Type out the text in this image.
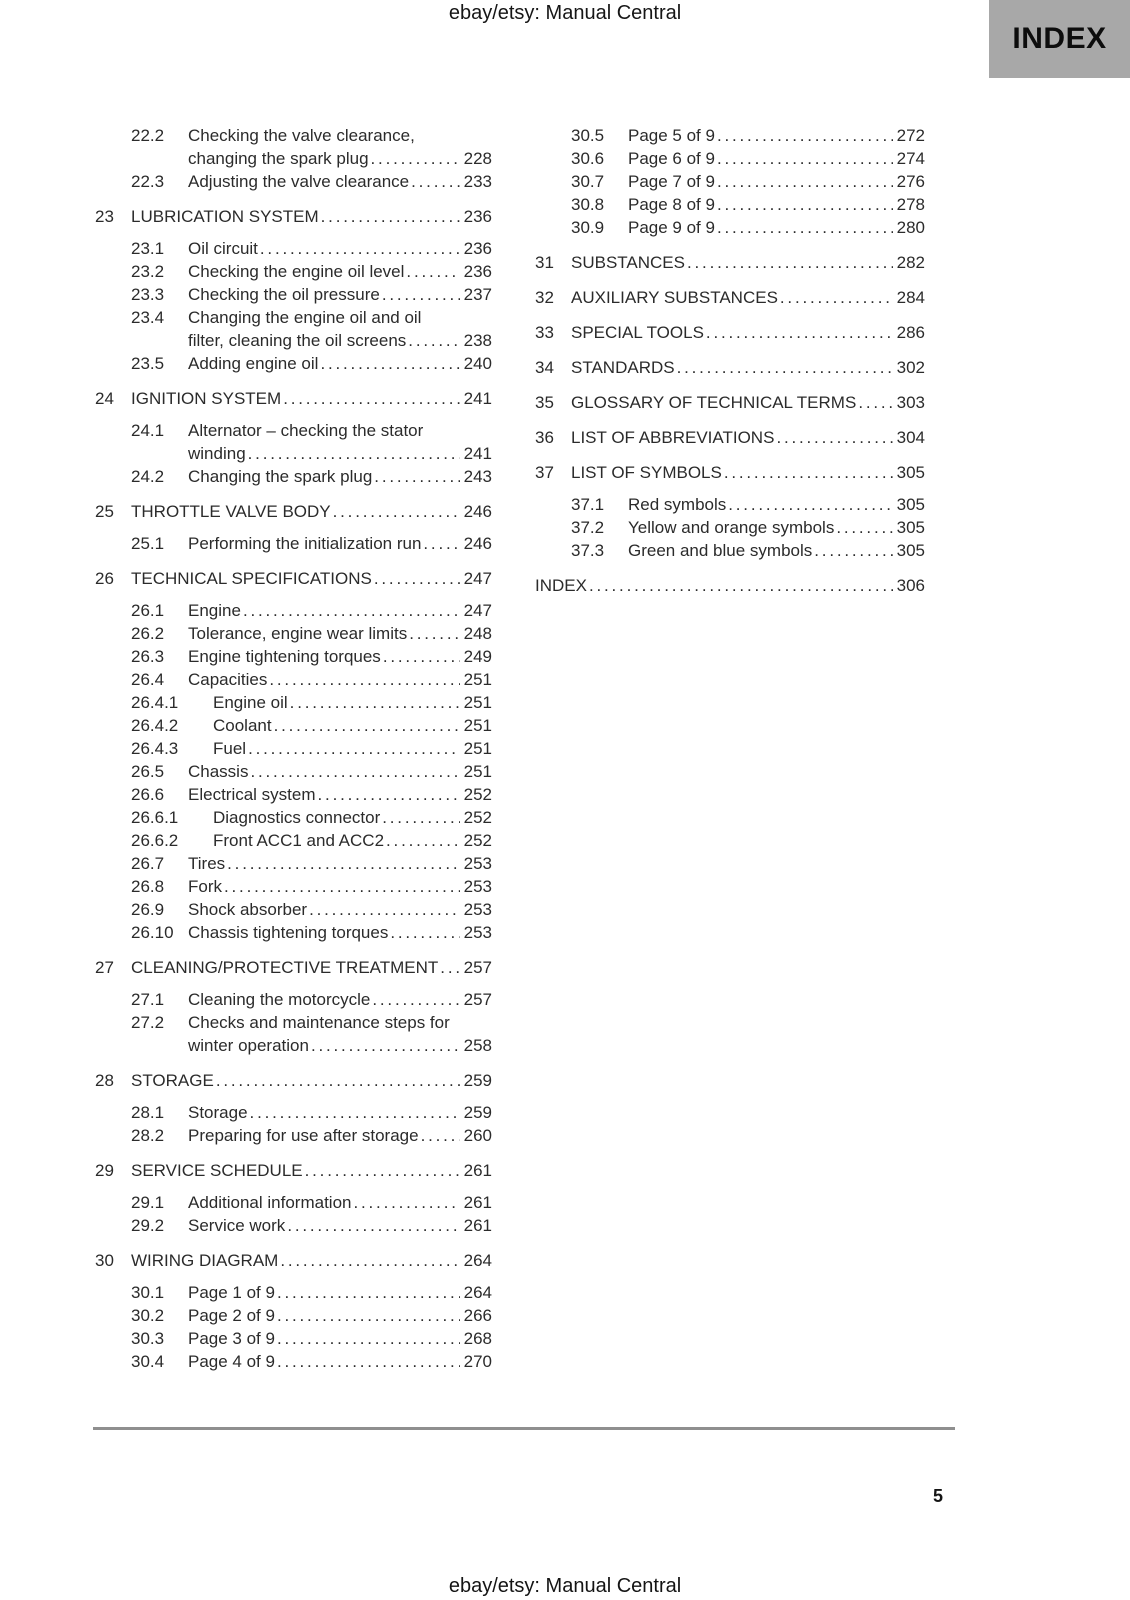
ebay/etsy: Manual Central
INDEX
22.2	Checking the valve clearance,
changing the spark plug .....	228
22.3	Adjusting the valve clearance .....	233
23	LUBRICATION SYSTEM .....	236
23.1	Oil circuit .....	236
23.2	Checking the engine oil level .....	236
23.3	Checking the oil pressure .....	237
23.4	Changing the engine oil and oil
filter, cleaning the oil screens .....	238
23.5	Adding engine oil .....	240
24	IGNITION SYSTEM .....	241
24.1	Alternator – checking the stator
winding .....	241
24.2	Changing the spark plug .....	243
25	THROTTLE VALVE BODY .....	246
25.1	Performing the initialization run ..... 246
26	TECHNICAL SPECIFICATIONS .....	247
26.1	Engine .....	247
26.2	Tolerance, engine wear limits .....	248
26.3	Engine tightening torques .....	249
26.4	Capacities .....	251
26.4.1	Engine oil .....	251
26.4.2	Coolant .....	251
26.4.3	Fuel .....	251
26.5	Chassis .....	251
26.6	Electrical system .....	252
26.6.1	Diagnostics connector .....	252
26.6.2	Front ACC1 and ACC2 .....	252
26.7	Tires .....	253
26.8	Fork .....	253
26.9	Shock absorber .....	253
26.10 Chassis tightening torques .....	253
27	CLEANING/PROTECTIVE TREATMENT ..... 257
27.1	Cleaning the motorcycle .....	257
27.2	Checks and maintenance steps for
winter operation .....	258
28	STORAGE .....	259
28.1	Storage .....	259
28.2	Preparing for use after storage .....	260
29	SERVICE SCHEDULE .....	261
29.1	Additional information .....	261
29.2	Service work .....	261
30	WIRING DIAGRAM .....	264
30.1	Page 1 of 9 .....	264
30.2	Page 2 of 9 .....	266
30.3	Page 3 of 9 .....	268
30.4	Page 4 of 9 .....	270
30.5	Page 5 of 9 .....	272
30.6	Page 6 of 9 .....	274
30.7	Page 7 of 9 .....	276
30.8	Page 8 of 9 .....	278
30.9	Page 9 of 9 .....	280
31	SUBSTANCES .....	282
32	AUXILIARY SUBSTANCES .....	284
33	SPECIAL TOOLS .....	286
34	STANDARDS .....	302
35	GLOSSARY OF TECHNICAL TERMS ..... 303
36	LIST OF ABBREVIATIONS .....	304
37	LIST OF SYMBOLS .....	305
37.1	Red symbols .....	305
37.2	Yellow and orange symbols .....	305
37.3	Green and blue symbols .....	305
INDEX .....	306
5
ebay/etsy: Manual Central
